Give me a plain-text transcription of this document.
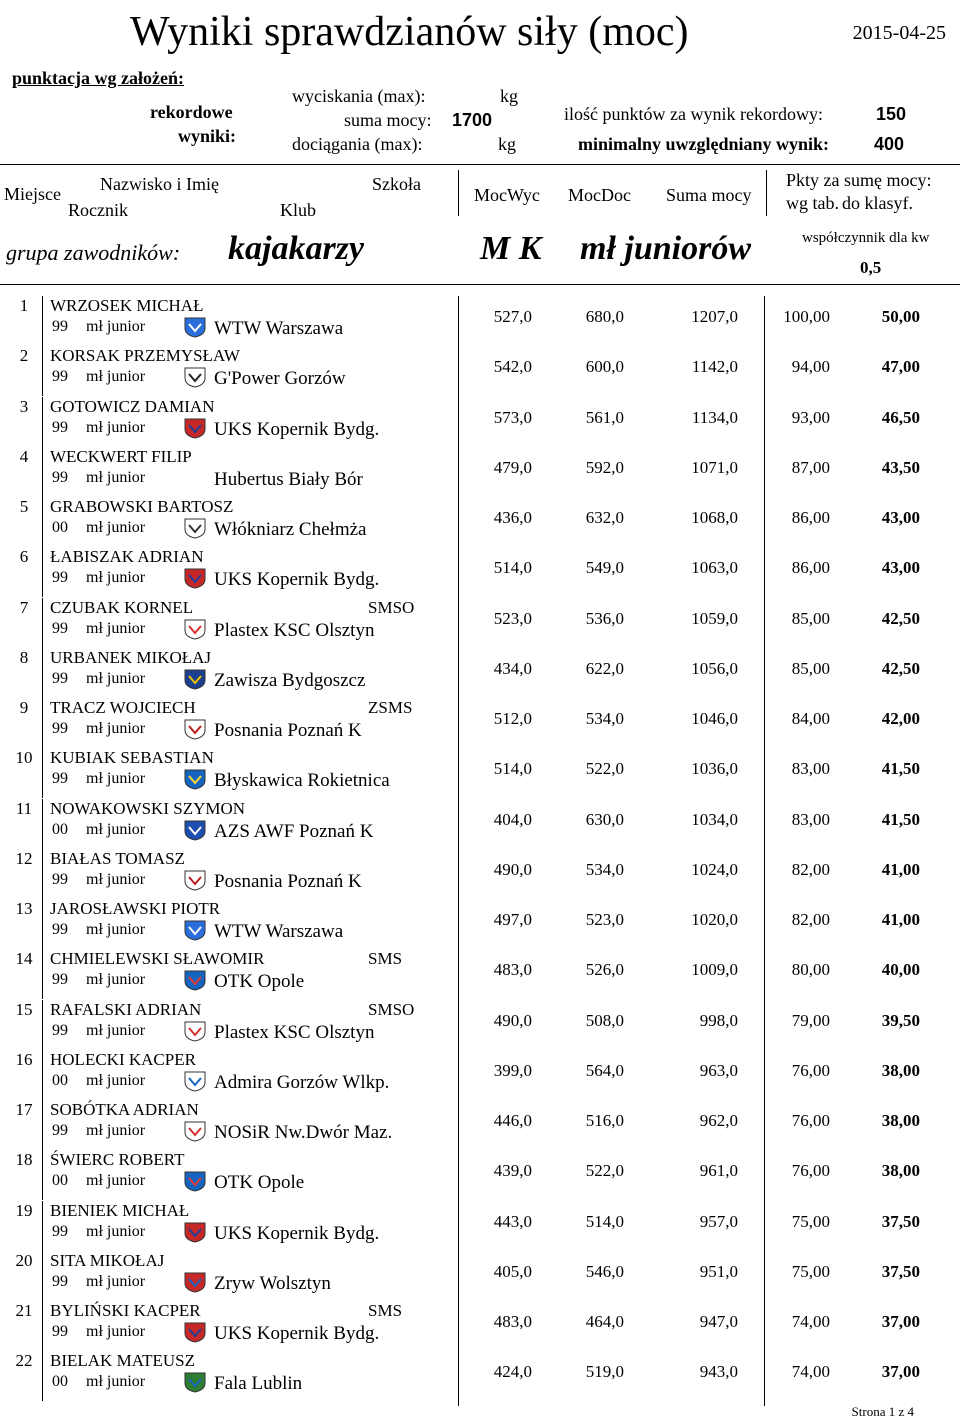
Wyniki sprawdzianów siły (moc)	2015-04-25
punktacja wg założeń:
rekordowe
wyniki:
wyciskania (max):	kg
suma mocy: 1700
dociągania (max):	kg
ilość punktów za wynik rekordowy:	150
minimalny uwzględniany wynik: 400
Miejsce Nazwisko i Imię	Szkoła
Rocznik	Klub
MocWyc MocDoc Suma mocy
Pkty za sumę mocy:
wg tab. do klasyf.
grupa zawodników: kajakarzy	M K mł juniorów	współczynnik dla kw
0,5
1	WRZOSEK MICHAŁ
99 mł junior	WTW Warszawa
527,0	680,0	1207,0	100,00	50,00
2	KORSAK PRZEMYSŁAW
99 mł junior	G'Power Gorzów
542,0	600,0	1142,0	94,00	47,00
3	GOTOWICZ DAMIAN
99 mł junior	UKS Kopernik Bydg.
573,0	561,0	1134,0	93,00	46,50
4	WECKWERT FILIP
99 mł junior	Hubertus Biały Bór
479,0	592,0	1071,0	87,00	43,50
5	GRABOWSKI BARTOSZ
00 mł junior	Włókniarz Chełmża
436,0	632,0	1068,0	86,00	43,00
6	ŁABISZAK ADRIAN
99 mł junior	UKS Kopernik Bydg.
514,0	549,0	1063,0	86,00	43,00
7	CZUBAK KORNEL	SMSO
99 mł junior	Plastex KSC Olsztyn
523,0	536,0	1059,0	85,00	42,50
8	URBANEK MIKOŁAJ
99 mł junior	Zawisza Bydgoszcz
434,0	622,0	1056,0	85,00	42,50
9	TRACZ WOJCIECH	ZSMS
99 mł junior	Posnania Poznań K
512,0	534,0	1046,0	84,00	42,00
10	KUBIAK SEBASTIAN
99 mł junior	Błyskawica Rokietnica
514,0	522,0	1036,0	83,00	41,50
11	NOWAKOWSKI SZYMON
00 mł junior	AZS AWF Poznań K
404,0	630,0	1034,0	83,00	41,50
12	BIAŁAS TOMASZ
99 mł junior	Posnania Poznań K
490,0	534,0	1024,0	82,00	41,00
13	JAROSŁAWSKI PIOTR
99 mł junior	WTW Warszawa
497,0	523,0	1020,0	82,00	41,00
14	CHMIELEWSKI SŁAWOMIR	SMS
99 mł junior	OTK Opole
483,0	526,0	1009,0	80,00	40,00
15	RAFALSKI ADRIAN	SMSO
99 mł junior	Plastex KSC Olsztyn
490,0	508,0	998,0	79,00	39,50
16	HOLECKI KACPER
00 mł junior	Admira Gorzów Wlkp.
399,0	564,0	963,0	76,00	38,00
17	SOBÓTKA ADRIAN
99 mł junior	NOSiR Nw.Dwór Maz.
446,0	516,0	962,0	76,00	38,00
18	ŚWIERC ROBERT
00 mł junior	OTK Opole
439,0	522,0	961,0	76,00	38,00
19	BIENIEK MICHAŁ
99 mł junior	UKS Kopernik Bydg.
443,0	514,0	957,0	75,00	37,50
20	SITA MIKOŁAJ
99 mł junior	Zryw Wolsztyn
405,0	546,0	951,0	75,00	37,50
21	BYLIŃSKI KACPER	SMS
99 mł junior	UKS Kopernik Bydg.
483,0	464,0	947,0	74,00	37,00
22	BIELAK MATEUSZ
00 mł junior	Fala Lublin
424,0	519,0	943,0	74,00	37,00
Strona 1 z 4
